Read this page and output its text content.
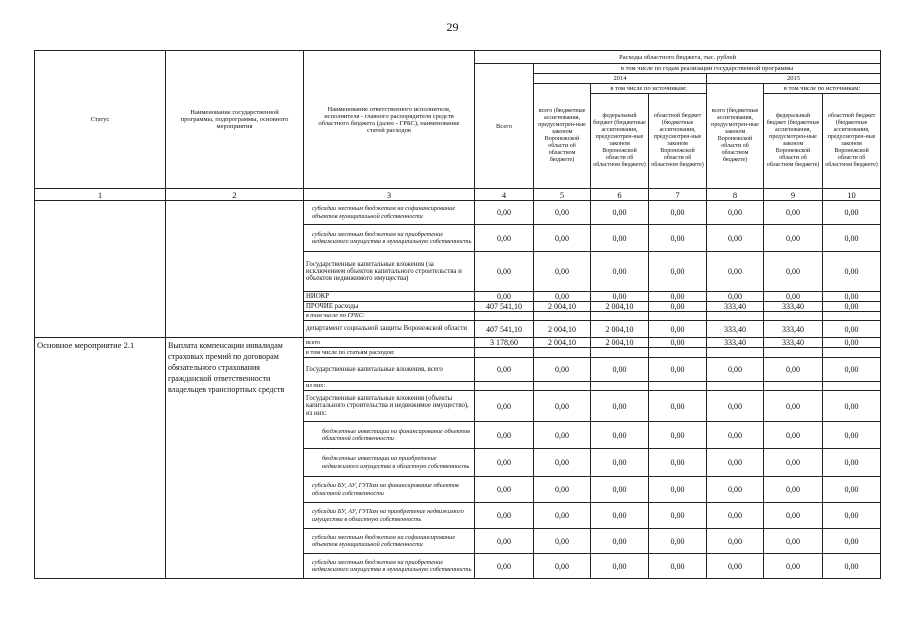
29
Статус	Наименование государственной программы, подпрограммы, основного мероприятия	Наименование ответственного исполнителя, исполнителя - главного распорядителя средств областного бюджета (далее - ГРБС), наименование статей расходов	Расходы областного бюджета, тыс. рублей						
			Всего	в том числе по годам реализации государственной программы					
				2014			2015		
				всего (бюджетные ассигнования, предусмотрен-ные законом Воронежской области об областном бюджете)	в том числе по источникам:		всего (бюджетные ассигнования, предусмотрен-ные законом Воронежской области об областном бюджете)	в том числе по источникам:	
					федеральный бюджет (бюджетные ассигнования, предусмотрен-ные законом Воронежской области об областном бюджете)	областной бюджет (бюджетные ассигнования, предусмотрен-ные законом Воронежской области об областном бюджете)		федеральный бюджет (бюджетные ассигнования, предусмотрен-ные законом Воронежской области об областном бюджете)	областной бюджет (бюджетные ассигнования, предусмотрен-ные законом Воронежской области об областном бюджете)
1	2	3	4	5	6	7	8	9	10
		субсидии местным бюджетам на софинансирование объектов муниципальной собственности	0,00	0,00	0,00	0,00	0,00	0,00	0,00
		субсидии местным бюджетам на приобретение недвижимого имущества в муниципальную собственность	0,00	0,00	0,00	0,00	0,00	0,00	0,00
		Государственные капитальные вложения (за исключением объектов капитального строительства и объектов недвижимого имущества)	0,00	0,00	0,00	0,00	0,00	0,00	0,00
		НИОКР	0,00	0,00	0,00	0,00	0,00	0,00	0,00
		ПРОЧИЕ расходы	407 541,10	2 004,10	2 004,10	0,00	333,40	333,40	0,00
		в том числе по ГРБС:							
		департамент социальной защиты Воронежской области	407 541,10	2 004,10	2 004,10	0,00	333,40	333,40	0,00
Основное мероприятие 2.1	Выплата компенсации инвалидам страховых премий по договорам обязательного страхования гражданской ответственности владельцев транспортных средств	всего	3 178,60	2 004,10	2 004,10	0,00	333,40	333,40	0,00
		в том числе по статьям расходов:							
		Государственные капитальные вложения, всего	0,00	0,00	0,00	0,00	0,00	0,00	0,00
		из них:							
		Государственные капитальные вложения (объекты капитального строительства и недвижимое имущество), из них:	0,00	0,00	0,00	0,00	0,00	0,00	0,00
		бюджетные инвестиции на финансирование объектов областной собственности	0,00	0,00	0,00	0,00	0,00	0,00	0,00
		бюджетные инвестиции на приобретение недвижимого имущества в областную собственность	0,00	0,00	0,00	0,00	0,00	0,00	0,00
		субсидии БУ, АУ, ГУПам на финансирование объектов областной собственности	0,00	0,00	0,00	0,00	0,00	0,00	0,00
		субсидии БУ, АУ, ГУПам на приобретение недвижимого имущества в областную собственность	0,00	0,00	0,00	0,00	0,00	0,00	0,00
		субсидии местным бюджетам на софинансирование объектов муниципальной собственности	0,00	0,00	0,00	0,00	0,00	0,00	0,00
		субсидии местным бюджетам на приобретение недвижимого имущества в муниципальную собственность	0,00	0,00	0,00	0,00	0,00	0,00	0,00
